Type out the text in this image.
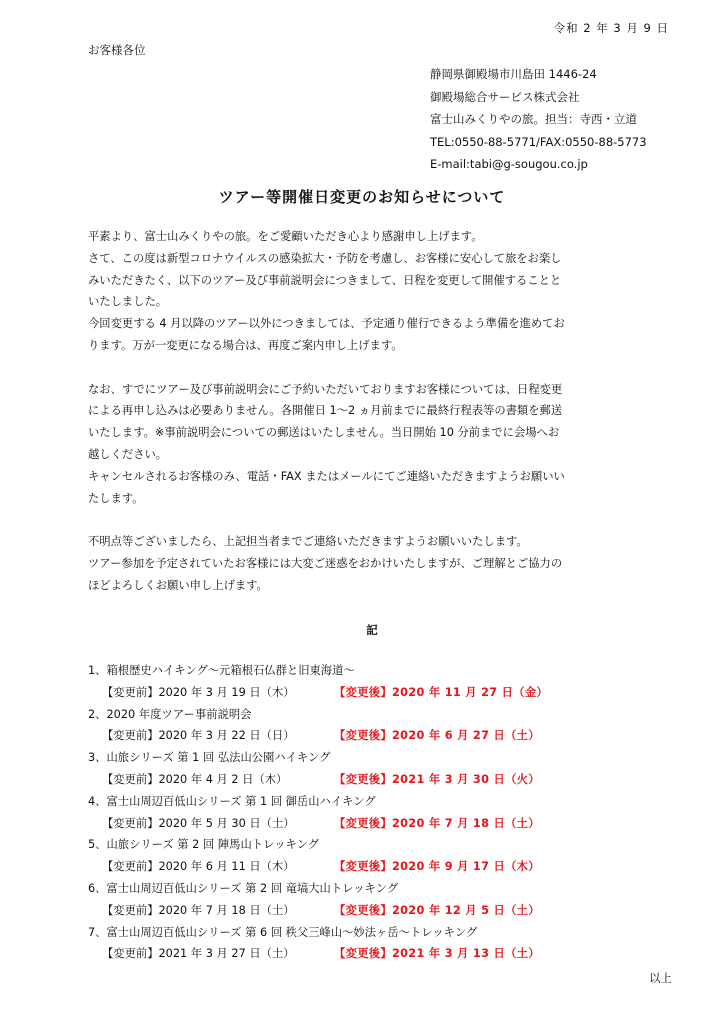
令和 2 年 3 月 9 日
お客様各位
静岡県御殿場市川島田 1446-24
御殿場総合サービス株式会社
富士山みくりやの旅。担当：寺西・立道
TEL:0550-88-5771/FAX:0550-88-5773
E-mail:tabi@g-sougou.co.jp
ツアー等開催日変更のお知らせについて

平素より、富士山みくりやの旅。をご愛顧いただき心より感謝申し上げます。

さて、この度は新型コロナウイルスの感染拡大・予防を考慮し、お客様に安心して旅をお楽し

みいただきたく、以下のツアー及び事前説明会につきまして、日程を変更して開催することと

いたしました。

今回変更する 4 月以降のツアー以外につきましては、予定通り催行できるよう準備を進めてお

ります。万が一変更になる場合は、再度ご案内申し上げます。

なお、すでにツアー及び事前説明会にご予約いただいておりますお客様については、日程変更

による再申し込みは必要ありません。各開催日 1～2 ヵ月前までに最終行程表等の書類を郵送

いたします。※事前説明会についての郵送はいたしません。当日開始 10 分前までに会場へお

越しください。

キャンセルされるお客様のみ、電話・FAX またはメールにてご連絡いただきますようお願いい

たします。

不明点等ございましたら、上記担当者までご連絡いただきますようお願いいたします。

ツアー参加を予定されていたお客様には大変ご迷惑をおかけいたしますが、ご理解とご協力の

ほどよろしくお願い申し上げます。

記
1、箱根歴史ハイキング～元箱根石仏群と旧東海道～
【変更前】2020 年 3 月 19 日（木）	【変更後】2020 年 11 月 27 日（金）
2、2020 年度ツアー事前説明会
【変更前】2020 年 3 月 22 日（日）	【変更後】2020 年 6 月 27 日（土）
3、山旅シリーズ 第 1 回 弘法山公園ハイキング
【変更前】2020 年 4 月 2 日（木）	【変更後】2021 年 3 月 30 日（火）
4、富士山周辺百低山シリーズ 第 1 回 御岳山ハイキング
【変更前】2020 年 5 月 30 日（土）	【変更後】2020 年 7 月 18 日（土）
5、山旅シリーズ 第 2 回 陣馬山トレッキング
【変更前】2020 年 6 月 11 日（木）	【変更後】2020 年 9 月 17 日（木）
6、富士山周辺百低山シリーズ 第 2 回 竜塙大山トレッキング
【変更前】2020 年 7 月 18 日（土）	【変更後】2020 年 12 月 5 日（土）
7、富士山周辺百低山シリーズ 第 6 回 秩父三峰山～妙法ヶ岳～トレッキング
【変更前】2021 年 3 月 27 日（土）	【変更後】2021 年 3 月 13 日（土）
以上
